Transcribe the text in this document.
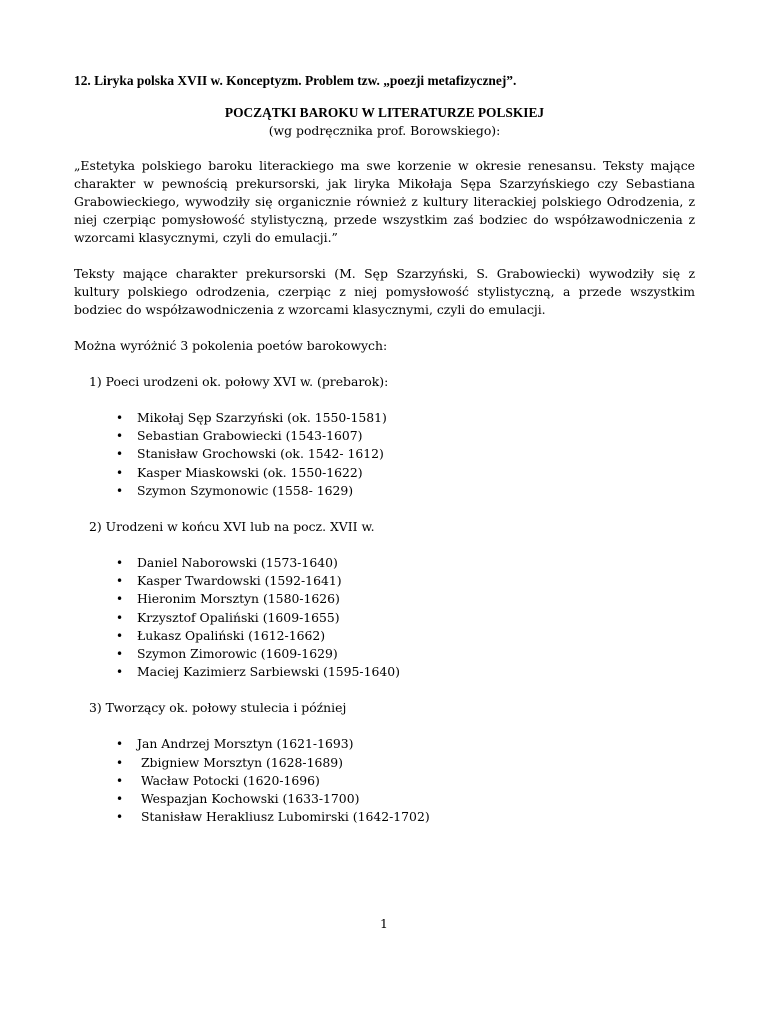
12. Liryka polska XVII w. Konceptyzm. Problem tzw. „poezji metafizycznej”.
POCZĄTKI BAROKU W LITERATURZE POLSKIEJ
(wg podręcznika prof. Borowskiego):

„Estetyka polskiego baroku literackiego ma swe korzenie w okresie renesansu. Teksty mające charakter w pewnością prekursorski, jak liryka Mikołaja Sępa Szarzyńskiego czy Sebastiana Grabowieckiego, wywodziły się organicznie również z kultury literackiej polskiego Odrodzenia, z niej czerpiąc pomysłowość stylistyczną, przede wszystkim zaś bodziec do współzawodniczenia z wzorcami klasycznymi, czyli do emulacji.”

Teksty mające charakter prekursorski (M. Sęp Szarzyński, S. Grabowiecki) wywodziły się z kultury polskiego odrodzenia, czerpiąc z niej pomysłowość stylistyczną, a przede wszystkim bodziec do współzawodniczenia z wzorcami klasycznymi, czyli do emulacji.

Można wyróżnić 3 pokolenia poetów barokowych:

1) Poeci urodzeni ok. połowy XVI w. (prebarok):
• Mikołaj Sęp Szarzyński (ok. 1550-1581)
• Sebastian Grabowiecki (1543-1607)
• Stanisław Grochowski (ok. 1542- 1612)
• Kasper Miaskowski (ok. 1550-1622)
• Szymon Szymonowic (1558- 1629)
2) Urodzeni w końcu XVI lub na pocz. XVII w.
• Daniel Naborowski (1573-1640)
• Kasper Twardowski (1592-1641)
• Hieronim Morsztyn (1580-1626)
• Krzysztof Opaliński (1609-1655)
• Łukasz Opaliński (1612-1662)
• Szymon Zimorowic (1609-1629)
• Maciej Kazimierz Sarbiewski (1595-1640)
3) Tworzący ok. połowy stulecia i później
• Jan Andrzej Morsztyn (1621-1693)
• Zbigniew Morsztyn (1628-1689)
• Wacław Potocki (1620-1696)
• Wespazjan Kochowski (1633-1700)
• Stanisław Herakliusz Lubomirski (1642-1702)
1
